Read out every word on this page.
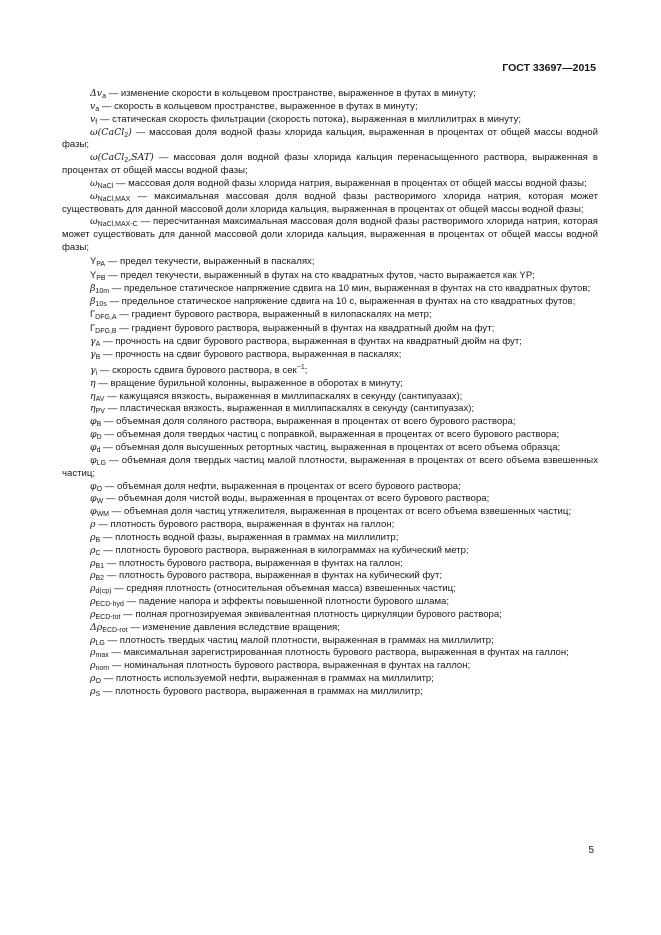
ГОСТ 33697—2015

$\Delta v_a$ — изменение скорости в кольцевом пространстве, выраженное в футах в минуту;

$v_a$ — скорость в кольцевом пространстве, выраженное в футах в минуту;

$v_f$ — статическая скорость фильтрации (скорость потока), выраженная в миллилитрах в минуту;

ω(CaCl$_2$) — массовая доля водной фазы хлорида кальция, выраженная в процентах от общей массы водной фазы;

ω(CaCl$_2$,SAT) — массовая доля водной фазы хлорида кальция перенасыщенного раствора, выраженная в процентах от общей массы водной фазы;

$\omega_{NaCl}$ — массовая доля водной фазы хлорида натрия, выраженная в процентах от общей массы водной фазы;

$\omega_{NaCl,MAX}$ — максимальная массовая доля водной фазы растворимого хлорида натрия, которая может существовать для данной массовой доли хлорида кальция, выраженная в процентах от общей массы водной фазы;

$\omega_{NaCl,MAX-C}$ — пересчитанная максимальная массовая доля водной фазы растворимого хлорида натрия, которая может существовать для данной массовой доли хлорида кальция, выраженная в процентах от общей массы водной фазы;

$Y_{PA}$ — предел текучести, выраженный в паскалях;

$Y_{PB}$ — предел текучести, выраженный в футах на сто квадратных футов, часто выражается как YP;

$\beta_{10m}$ — предельное статическое напряжение сдвига на 10 мин, выраженная в фунтах на сто квадратных футов;

$\beta_{10s}$ — предельное статическое напряжение сдвига на 10 с, выраженная в фунтах на сто квадратных футов;

$\Gamma_{DFG,A}$ — градиент бурового раствора, выраженный в килопаскалях на метр;

$\Gamma_{DFG,B}$ — градиент бурового раствора, выраженный в фунтах на квадратный дюйм на фут;

$\gamma_A$ — прочность на сдвиг бурового раствора, выраженная в фунтах на квадратный дюйм на фут;

$\gamma_B$ — прочность на сдвиг бурового раствора, выраженная в паскалях;

$\gamma_i$ — скорость сдвига бурового раствора, в сек$^{-1}$;

η — вращение бурильной колонны, выраженное в оборотах в минуту;

$\eta_{AV}$ — кажущаяся вязкость, выраженная в миллипаскалях в секунду (сантипуазах);

$\eta_{PV}$ — пластическая вязкость, выраженная в миллипаскалях в секунду (сантипуазах);

$\varphi_B$ — объемная доля соляного раствора, выраженная в процентах от всего бурового раствора;

$\varphi_D$ — объемная доля твердых частиц с поправкой, выраженная в процентах от всего бурового раствора;

$\varphi_d$ — объемная доля высушенных ретортных частиц, выраженная в процентах от всего объема образца;

$\varphi_{LG}$ — объемная доля твердых частиц малой плотности, выраженная в процентах от всего объема взвешенных частиц;

$\varphi_O$ — объемная доля нефти, выраженная в процентах от всего бурового раствора;

$\varphi_W$ — объемная доля чистой воды, выраженная в процентах от всего бурового раствора;

$\varphi_{WM}$ — объемная доля частиц утяжелителя, выраженная в процентах от всего объема взвешенных частиц;

ρ — плотность бурового раствора, выраженная в фунтах на галлон;

$\rho_B$ — плотность водной фазы, выраженная в граммах на миллилитр;

$\rho_C$ — плотность бурового раствора, выраженная в килограммах на кубический метр;

$\rho_{B1}$ — плотность бурового раствора, выраженная в фунтах на галлон;

$\rho_{B2}$ — плотность бурового раствора, выраженная в фунтах на кубический фут;

$\rho_{d(cp)}$ — средняя плотность (относительная объемная масса) взвешенных частиц;

$\rho_{ECD-hyd}$ — падение напора и эффекты повышенной плотности бурового шлама;

$\rho_{ECD-tot}$ — полная прогнозируемая эквивалентная плотность циркуляции бурового раствора;

$\Delta\rho_{ECD-rot}$ — изменение давления вследствие вращения;

$\rho_{LG}$ — плотность твердых частиц малой плотности, выраженная в граммах на миллилитр;

$\rho_{max}$ — максимальная зарегистрированная плотность бурового раствора, выраженная в фунтах на галлон;

$\rho_{nom}$ — номинальная плотность бурового раствора, выраженная в фунтах на галлон;

$\rho_O$ — плотность используемой нефти, выраженная в граммах на миллилитр;

$\rho_S$ — плотность бурового раствора, выраженная в граммах на миллилитр;

5
